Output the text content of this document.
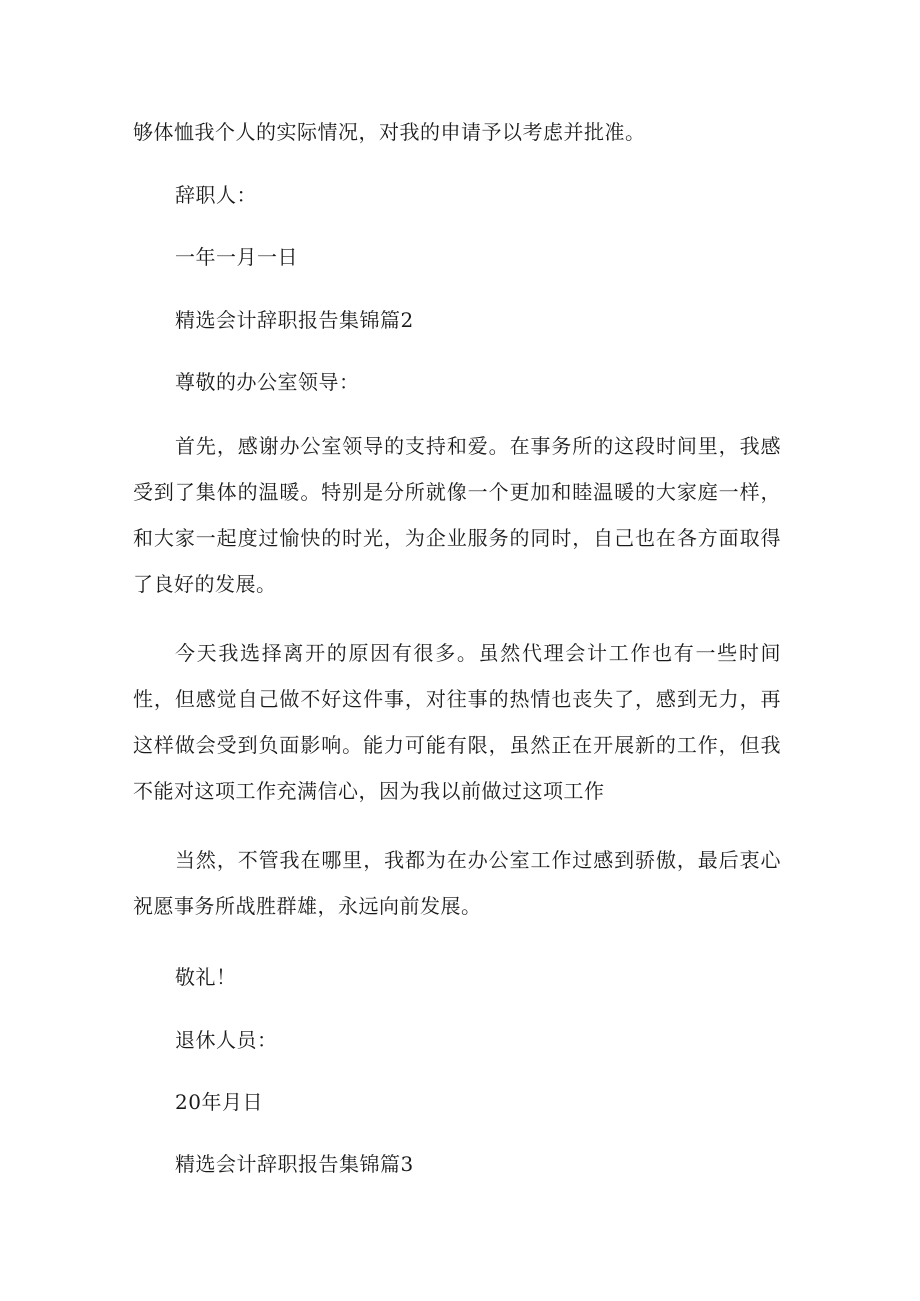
够体恤我个人的实际情况，对我的申请予以考虑并批准。
辞职人：
一年一月一日
精选会计辞职报告集锦篇2
尊敬的办公室领导：
首先，感谢办公室领导的支持和爱。在事务所的这段时间里，我感受到了集体的温暖。特别是分所就像一个更加和睦温暖的大家庭一样，和大家一起度过愉快的时光，为企业服务的同时，自己也在各方面取得了良好的发展。
今天我选择离开的原因有很多。虽然代理会计工作也有一些时间性，但感觉自己做不好这件事，对往事的热情也丧失了，感到无力，再这样做会受到负面影响。能力可能有限，虽然正在开展新的工作，但我不能对这项工作充满信心，因为我以前做过这项工作
当然，不管我在哪里，我都为在办公室工作过感到骄傲，最后衷心祝愿事务所战胜群雄，永远向前发展。
敬礼！
退休人员：
20年月日
精选会计辞职报告集锦篇3
